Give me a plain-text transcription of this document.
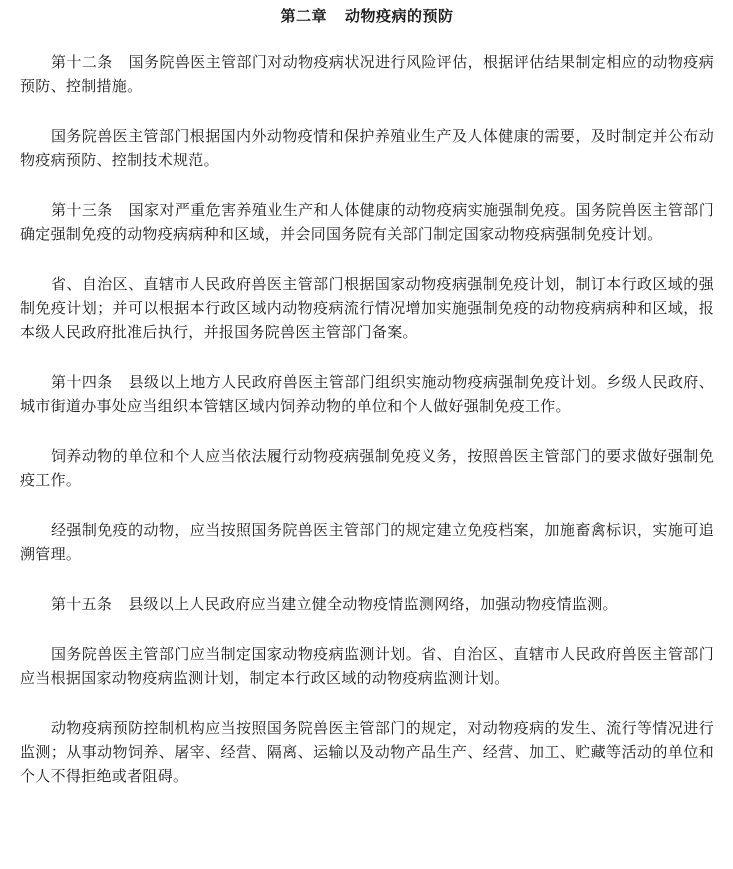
第二章 动物疫病的预防

第十二条 国务院兽医主管部门对动物疫病状况进行风险评估，根据评估结果制定相应的动物疫病预防、控制措施。

国务院兽医主管部门根据国内外动物疫情和保护养殖业生产及人体健康的需要，及时制定并公布动物疫病预防、控制技术规范。

第十三条 国家对严重危害养殖业生产和人体健康的动物疫病实施强制免疫。国务院兽医主管部门确定强制免疫的动物疫病病种和区域，并会同国务院有关部门制定国家动物疫病强制免疫计划。

省、自治区、直辖市人民政府兽医主管部门根据国家动物疫病强制免疫计划，制订本行政区域的强制免疫计划；并可以根据本行政区域内动物疫病流行情况增加实施强制免疫的动物疫病病种和区域，报本级人民政府批准后执行，并报国务院兽医主管部门备案。

第十四条 县级以上地方人民政府兽医主管部门组织实施动物疫病强制免疫计划。乡级人民政府、城市街道办事处应当组织本管辖区域内饲养动物的单位和个人做好强制免疫工作。

饲养动物的单位和个人应当依法履行动物疫病强制免疫义务，按照兽医主管部门的要求做好强制免疫工作。

经强制免疫的动物，应当按照国务院兽医主管部门的规定建立免疫档案，加施畜禽标识，实施可追溯管理。

第十五条 县级以上人民政府应当建立健全动物疫情监测网络，加强动物疫情监测。

国务院兽医主管部门应当制定国家动物疫病监测计划。省、自治区、直辖市人民政府兽医主管部门应当根据国家动物疫病监测计划，制定本行政区域的动物疫病监测计划。

动物疫病预防控制机构应当按照国务院兽医主管部门的规定，对动物疫病的发生、流行等情况进行监测；从事动物饲养、屠宰、经营、隔离、运输以及动物产品生产、经营、加工、贮藏等活动的单位和个人不得拒绝或者阻碍。
